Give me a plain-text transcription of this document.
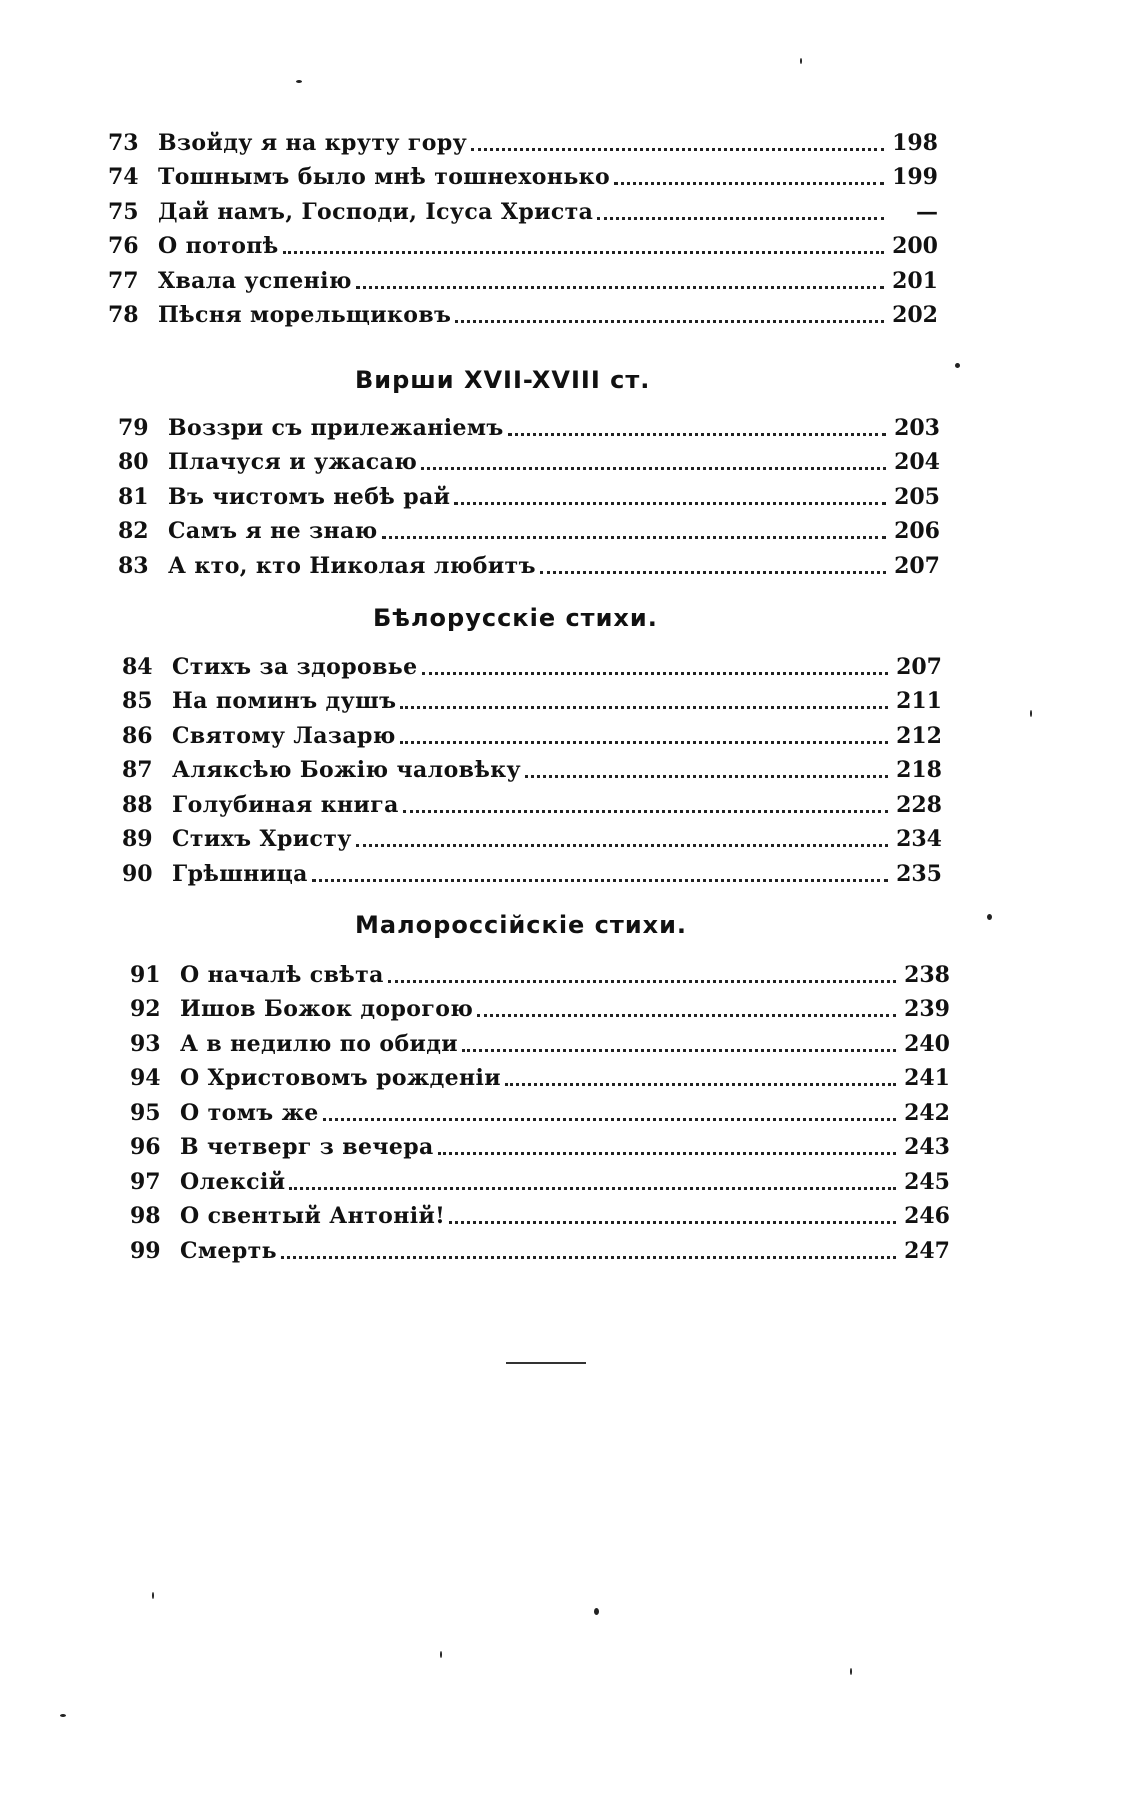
73 Взойду я на круту гору	198
74 Тошнымъ было мнѣ тошнехонько	199
75 Дай намъ, Господи, Iсуса Христа	—
76 О потопѣ	200
77 Хвала успенiю	201
78 Пѣсня морельщиковъ	202
Вирши XVII-XVIII ст.
79 Воззри съ прилежанiемъ	203
80 Плачуся и ужасаю	204
81 Въ чистомъ небѣ рай	205
82 Самъ я не знаю	206
83 А кто, кто Николая любитъ	207
Бѣлорусскiе стихи.
84 Стихъ за здоровье	207
85 На поминъ душъ	211
86 Святому Лазарю	212
87 Аляксѣю Божiю чаловѣку	218
88 Голубиная книга	228
89 Стихъ Христу	234
90 Грѣшница	235
Малороссiйскiе стихи.
91 О началѣ свѣта	238
92 Ишов Божок дорогою	239
93 А в недилю по обиди	240
94 О Христовомъ рожденiи	241
95 О томъ же	242
96 В четверг з вечера	243
97 Олексiй	245
98 О свентый Антонiй!	246
99 Смерть	247
